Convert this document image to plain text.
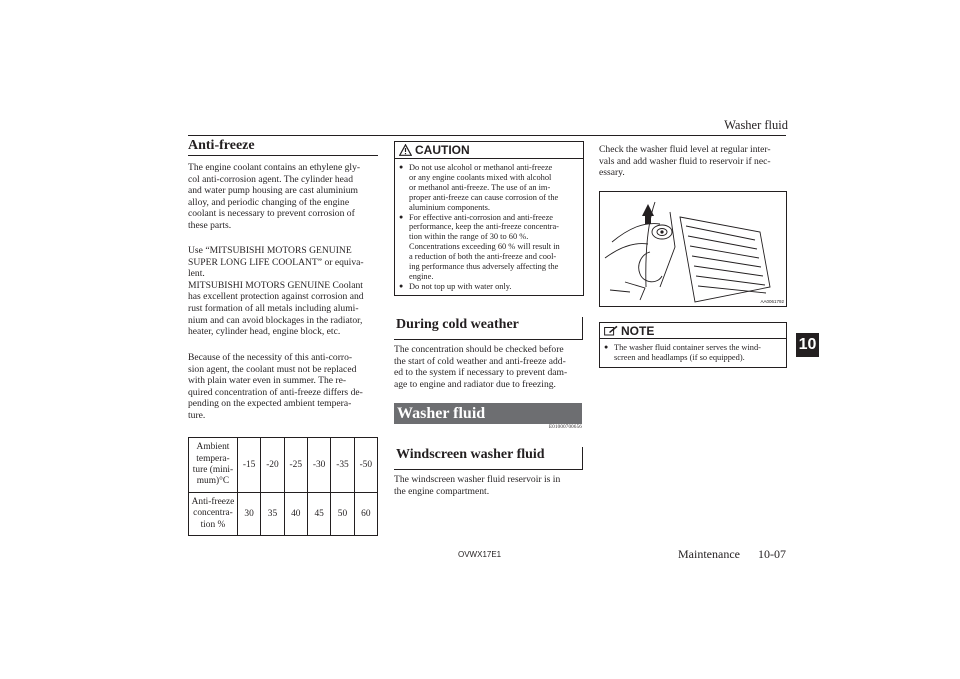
Washer fluid
Anti-freeze

The engine coolant contains an ethylene gly-
col anti-corrosion agent. The cylinder head
and water pump housing are cast aluminium
alloy, and periodic changing of the engine
coolant is necessary to prevent corrosion of
these parts.

Use “MITSUBISHI MOTORS GENUINE
SUPER LONG LIFE COOLANT” or equiva-
lent.
MITSUBISHI MOTORS GENUINE Coolant
has excellent protection against corrosion and
rust formation of all metals including alumi-
nium and can avoid blockages in the radiator,
heater, cylinder head, engine block, etc.

Because of the necessity of this anti-corro-
sion agent, the coolant must not be replaced
with plain water even in summer. The re-
quired concentration of anti-freeze differs de-
pending on the expected ambient tempera-
ture.

Ambient
tempera-
ture (mini-
mum)°C	-15	-20	-25	-30	-35	-50
Anti-freeze
concentra-
tion %	30	35	40	45	50	60
CAUTION
● Do not use alcohol or methanol anti-freeze
or any engine coolants mixed with alcohol
or methanol anti-freeze. The use of an im-
proper anti-freeze can cause corrosion of the
aluminium components.
● For effective anti-corrosion and anti-freeze
performance, keep the anti-freeze concentra-
tion within the range of 30 to 60 %.
Concentrations exceeding 60 % will result in
a reduction of both the anti-freeze and cool-
ing performance thus adversely affecting the
engine.
● Do not top up with water only.
During cold weather

The concentration should be checked before
the start of cold weather and anti-freeze add-
ed to the system if necessary to prevent dam-
age to engine and radiator due to freezing.

Washer fluid
E01000700656
Windscreen washer fluid

The windscreen washer fluid reservoir is in
the engine compartment.

Check the washer fluid level at regular inter-
vals and add washer fluid to reservoir if nec-
essary.

AA0061792
NOTE
● The washer fluid container serves the wind-
screen and headlamps (if so equipped).
10
OVWX17E1	Maintenance 10-07
